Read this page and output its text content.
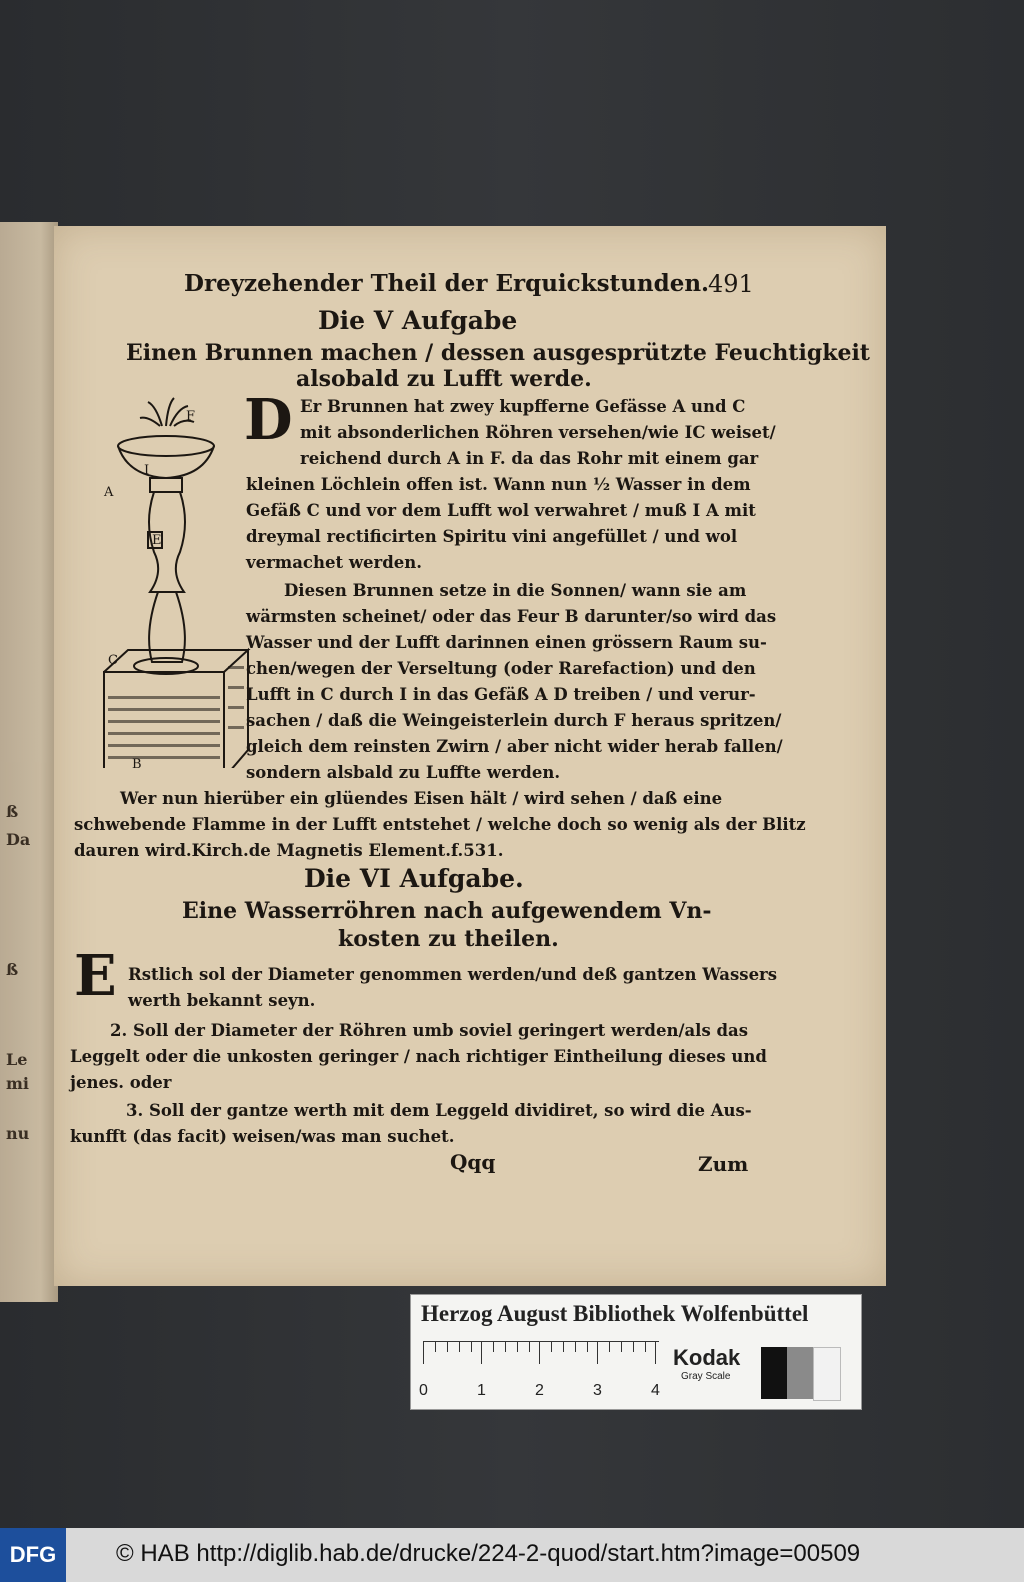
ß
Da
ß
Le
mi
nu
Dreyzehender Theil der Erquickstunden.
491
Die V Aufgabe
Einen Brunnen machen / dessen ausgesprützte Feuchtigkeit
alsobald zu Lufft werde.
F
I
A
E
C
B
D Er Brunnen hat zwey kupfferne Gefässe A und C
mit absonderlichen Röhren versehen/wie IC weiset/
reichend durch A in F. da das Rohr mit einem gar
kleinen Löchlein offen ist. Wann nun ½ Wasser in dem
Gefäß C und vor dem Lufft wol verwahret / muß I A mit
dreymal rectificirten Spiritu vini angefüllet / und wol
vermachet werden.
Diesen Brunnen setze in die Sonnen/ wann sie am
wärmsten scheinet/ oder das Feur B darunter/so wird das
Wasser und der Lufft darinnen einen grössern Raum su-
chen/wegen der Verseltung (oder Rarefaction) und den
Lufft in C durch I in das Gefäß A D treiben / und verur-
sachen / daß die Weingeisterlein durch F heraus spritzen/
gleich dem reinsten Zwirn / aber nicht wider herab fallen/
sondern alsbald zu Luffte werden.
Wer nun hierüber ein glüendes Eisen hält / wird sehen / daß eine
schwebende Flamme in der Lufft entstehet / welche doch so wenig als der Blitz
dauren wird.Kirch.de Magnetis Element.f.531.
Die VI Aufgabe.
Eine Wasserröhren nach aufgewendem Vn-
kosten zu theilen.
E Rstlich sol der Diameter genommen werden/und deß gantzen Wassers
werth bekannt seyn.
2. Soll der Diameter der Röhren umb soviel geringert werden/als das
Leggelt oder die unkosten geringer / nach richtiger Eintheilung dieses und
jenes. oder
3. Soll der gantze werth mit dem Leggeld dividiret, so wird die Aus-
kunfft (das facit) weisen/was man suchet.
Qqq	Zum
Herzog August Bibliothek Wolfenbüttel
0	1	2	3	4
Kodak
Gray Scale
DFG	© HAB http://diglib.hab.de/drucke/224-2-quod/start.htm?image=00509
